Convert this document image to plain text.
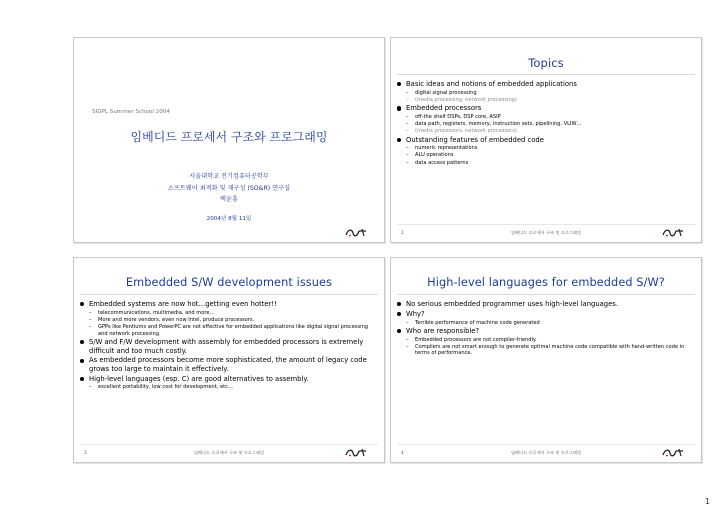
SIGPL Summer School 2004
임베디드 프로세서 구조와 프로그래밍
서울대학교 전기컴퓨터공학부
소프트웨어 최적화 및 재구성 (SO&R) 연구실
백윤흥
2004년 8월 11일
Topics
Basic ideas and notions of embedded applications
– digital signal processing
– (media processing, network processing)
Embedded processors
– off-the shelf DSPs, DSP core, ASIP
– data path, registers, memory, instruction sets, pipelining, VLIW…
– (media processors, network processors)
Outstanding features of embedded code
– numeric representations
– ALU operations
– data access patterns
2	임베디드 프로세서 구조 및 프로그래밍
Embedded S/W development issues
Embedded systems are now hot…getting even hotter!!
– telecommunications, multimedia, and more…
– More and more vendors, even now Intel, produce processors.
– GPPs like Pentiums and PowerPC are not effective for embedded applications like digital signal processing and network processing.
S/W and F/W development with assembly for embedded processors is extremely difficult and too much costly.
As embedded processors become more sophisticated, the amount of legacy code grows too large to maintain it effectively.
High-level languages (esp. C) are good alternatives to assembly.
– excellent portability, low cost for development, etc…
3	임베디드 프로세서 구조 및 프로그래밍
High-level languages for embedded S/W?
No serious embedded programmer uses high-level languages.
Why?
– Terrible performance of machine code generated
Who are responsible?
– Embedded processors are not compiler-friendly.
– Compilers are not smart enough to generate optimal machine code compatible with hand-written code in terms of performance.
4	임베디드 프로세서 구조 및 프로그래밍
1
